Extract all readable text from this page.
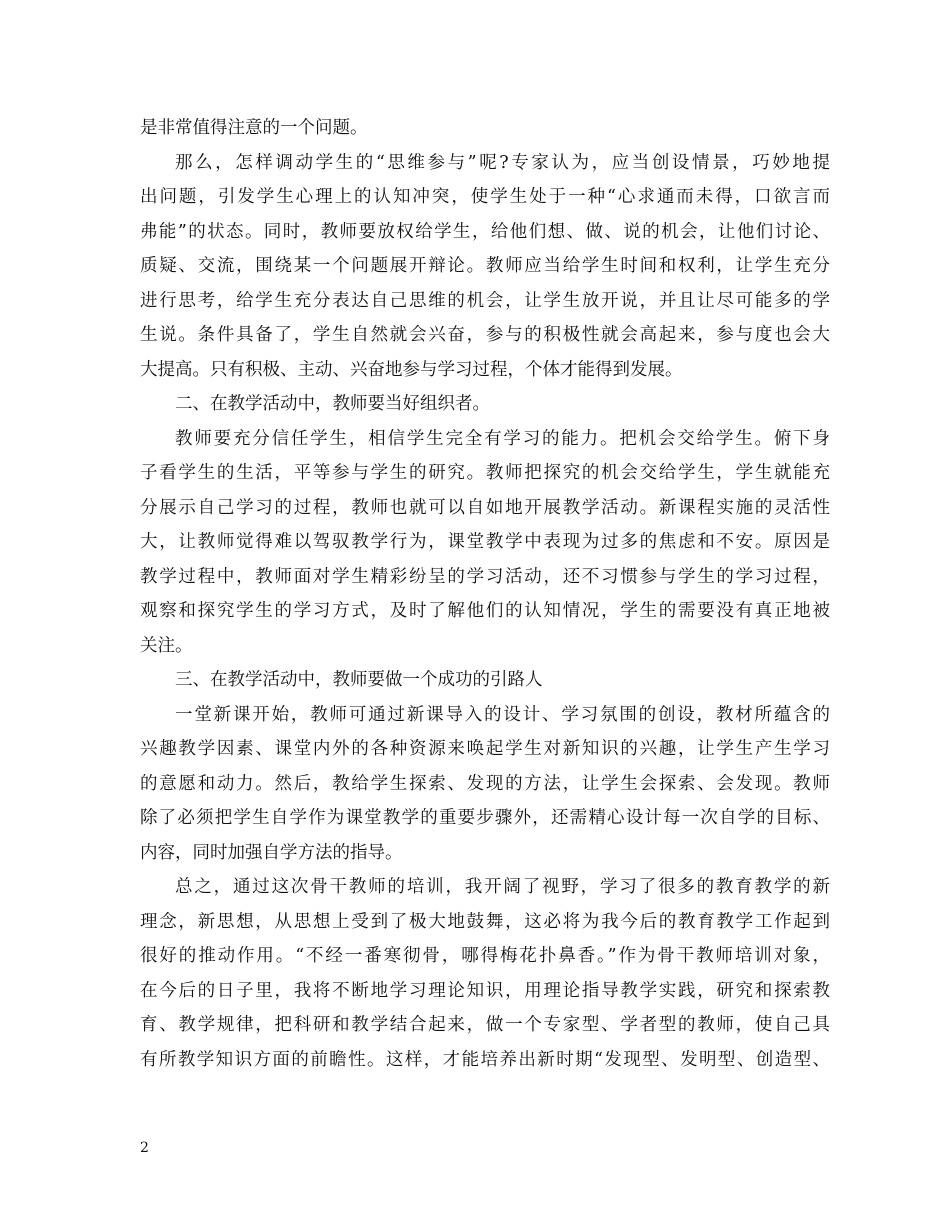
是非常值得注意的一个问题。
那么，怎样调动学生的“思维参与”呢?专家认为，应当创设情景，巧妙地提
出问题，引发学生心理上的认知冲突，使学生处于一种“心求通而未得，口欲言而
弗能”的状态。同时，教师要放权给学生，给他们想、做、说的机会，让他们讨论、
质疑、交流，围绕某一个问题展开辩论。教师应当给学生时间和权利，让学生充分
进行思考，给学生充分表达自己思维的机会，让学生放开说，并且让尽可能多的学
生说。条件具备了，学生自然就会兴奋，参与的积极性就会高起来，参与度也会大
大提高。只有积极、主动、兴奋地参与学习过程，个体才能得到发展。
二、在教学活动中，教师要当好组织者。
教师要充分信任学生，相信学生完全有学习的能力。把机会交给学生。俯下身
子看学生的生活，平等参与学生的研究。教师把探究的机会交给学生，学生就能充
分展示自己学习的过程，教师也就可以自如地开展教学活动。新课程实施的灵活性
大，让教师觉得难以驾驭教学行为，课堂教学中表现为过多的焦虑和不安。原因是
教学过程中，教师面对学生精彩纷呈的学习活动，还不习惯参与学生的学习过程，
观察和探究学生的学习方式，及时了解他们的认知情况，学生的需要没有真正地被
关注。
三、在教学活动中，教师要做一个成功的引路人
一堂新课开始，教师可通过新课导入的设计、学习氛围的创设，教材所蕴含的
兴趣教学因素、课堂内外的各种资源来唤起学生对新知识的兴趣，让学生产生学习
的意愿和动力。然后，教给学生探索、发现的方法，让学生会探索、会发现。教师
除了必须把学生自学作为课堂教学的重要步骤外，还需精心设计每一次自学的目标、
内容，同时加强自学方法的指导。
总之，通过这次骨干教师的培训，我开阔了视野，学习了很多的教育教学的新
理念，新思想，从思想上受到了极大地鼓舞，这必将为我今后的教育教学工作起到
很好的推动作用。“不经一番寒彻骨，哪得梅花扑鼻香。”作为骨干教师培训对象，
在今后的日子里，我将不断地学习理论知识，用理论指导教学实践，研究和探索教
育、教学规律，把科研和教学结合起来，做一个专家型、学者型的教师，使自己具
有所教学知识方面的前瞻性。这样，才能培养出新时期“发现型、发明型、创造型、
2
